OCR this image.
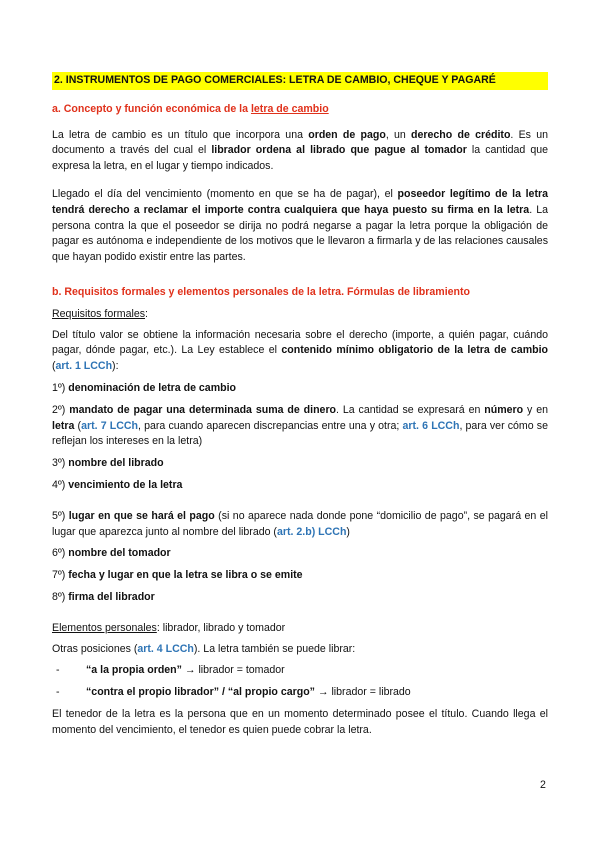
2. INSTRUMENTOS DE PAGO COMERCIALES: LETRA DE CAMBIO, CHEQUE Y PAGARÉ

a. Concepto y función económica de la letra de cambio

La letra de cambio es un título que incorpora una orden de pago, un derecho de crédito. Es un documento a través del cual el librador ordena al librado que pague al tomador la cantidad que expresa la letra, en el lugar y tiempo indicados.

Llegado el día del vencimiento (momento en que se ha de pagar), el poseedor legítimo de la letra tendrá derecho a reclamar el importe contra cualquiera que haya puesto su firma en la letra. La persona contra la que el poseedor se dirija no podrá negarse a pagar la letra porque la obligación de pagar es autónoma e independiente de los motivos que le llevaron a firmarla y de las relaciones causales que hayan podido existir entre las partes.

b. Requisitos formales y elementos personales de la letra. Fórmulas de libramiento

Requisitos formales:

Del título valor se obtiene la información necesaria sobre el derecho (importe, a quién pagar, cuándo pagar, dónde pagar, etc.). La Ley establece el contenido mínimo obligatorio de la letra de cambio (art. 1 LCCh):

1º) denominación de letra de cambio

2º) mandato de pagar una determinada suma de dinero. La cantidad se expresará en número y en letra (art. 7 LCCh, para cuando aparecen discrepancias entre una y otra; art. 6 LCCh, para ver cómo se reflejan los intereses en la letra)

3º) nombre del librado

4º) vencimiento de la letra

5º) lugar en que se hará el pago (si no aparece nada donde pone “domicilio de pago”, se pagará en el lugar que aparezca junto al nombre del librado (art. 2.b) LCCh)

6º) nombre del tomador

7º) fecha y lugar en que la letra se libra o se emite

8º) firma del librador

Elementos personales: librador, librado y tomador

Otras posiciones (art. 4 LCCh). La letra también se puede librar:

-	“a la propia orden” → librador = tomador
-	“contra el propio librador” / “al propio cargo” → librador = librado

El tenedor de la letra es la persona que en un momento determinado posee el título. Cuando llega el momento del vencimiento, el tenedor es quien puede cobrar la letra.

2
